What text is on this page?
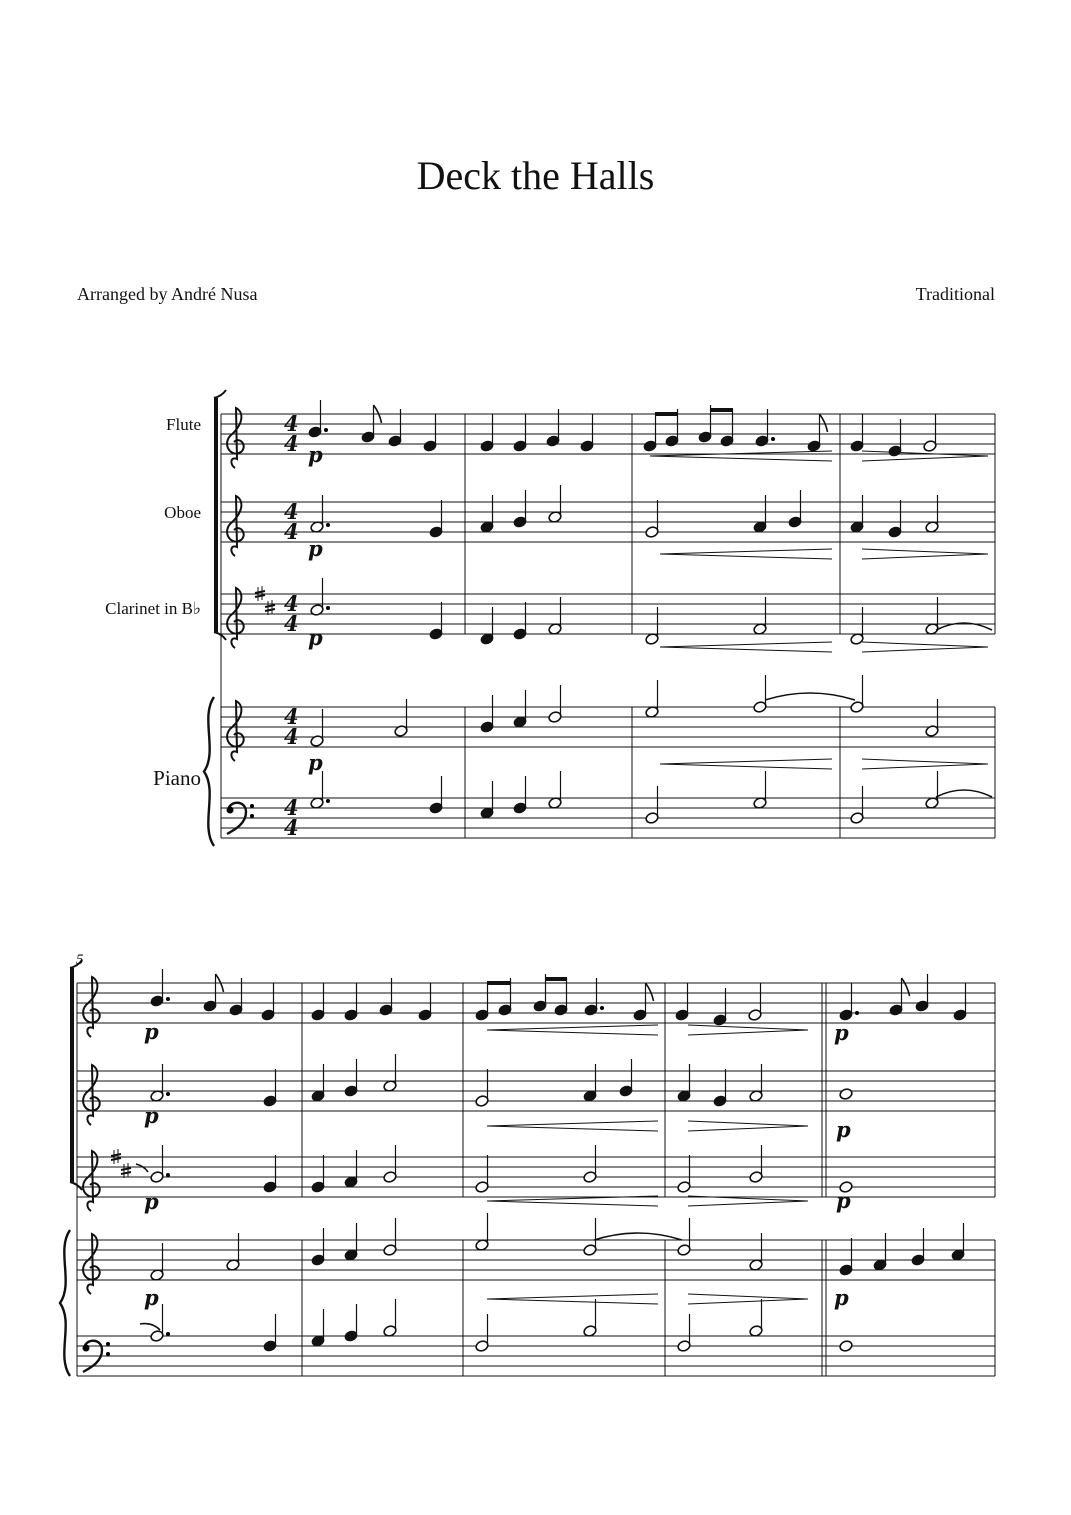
Deck the Halls
Arranged by André Nusa	Traditional
Flute
Oboe
Clarinet in B♭
Piano
5
4
4
4
4
4
4
4
4
4
4
p
p
p
p
p	p
p
p
p	p
p	p
